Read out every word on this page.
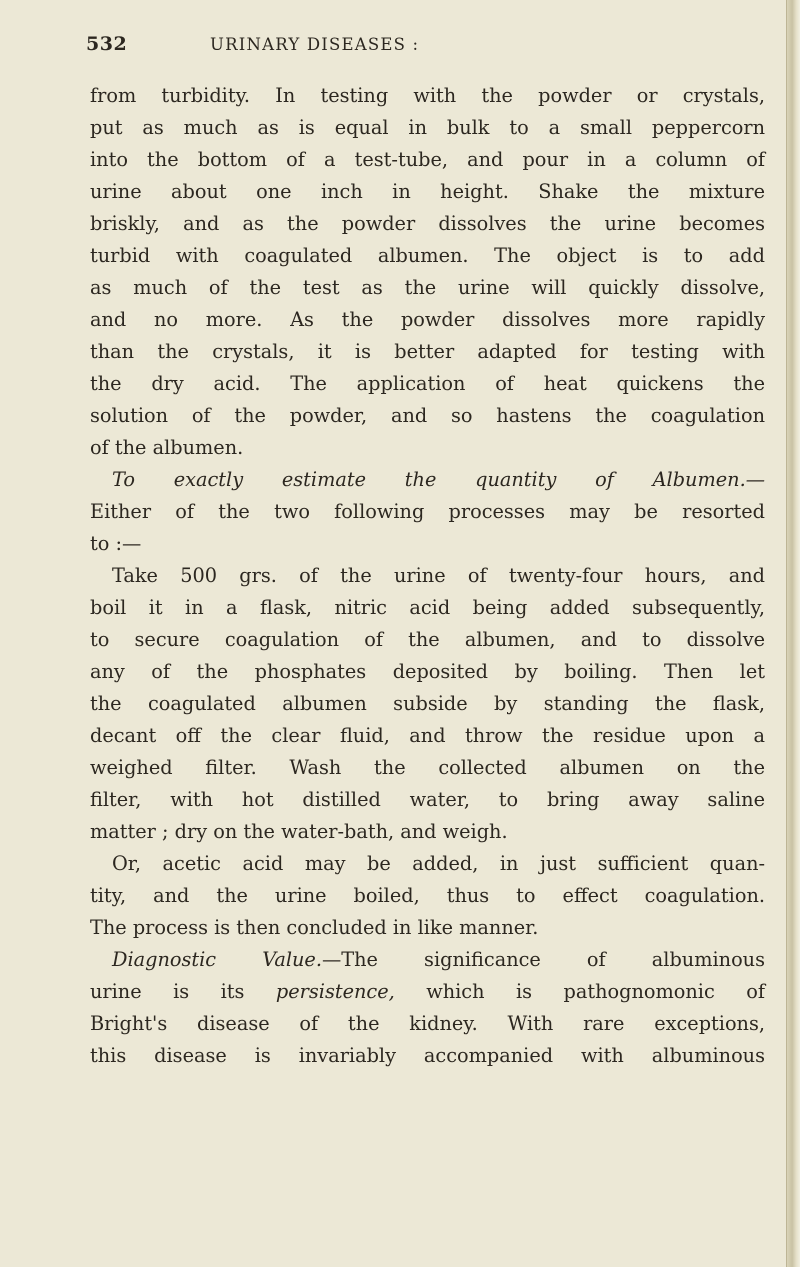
532	URINARY DISEASES :
from turbidity. In testing with the powder or crystals,
put as much as is equal in bulk to a small peppercorn
into the bottom of a test-tube, and pour in a column of
urine about one inch in height. Shake the mixture
briskly, and as the powder dissolves the urine becomes
turbid with coagulated albumen. The object is to add
as much of the test as the urine will quickly dissolve,
and no more. As the powder dissolves more rapidly
than the crystals, it is better adapted for testing with
the dry acid. The application of heat quickens the
solution of the powder, and so hastens the coagulation
of the albumen.
To exactly estimate the quantity of Albumen.—
Either of the two following processes may be resorted
to :—
Take 500 grs. of the urine of twenty-four hours, and
boil it in a flask, nitric acid being added subsequently,
to secure coagulation of the albumen, and to dissolve
any of the phosphates deposited by boiling. Then let
the coagulated albumen subside by standing the flask,
decant off the clear fluid, and throw the residue upon a
weighed filter. Wash the collected albumen on the
filter, with hot distilled water, to bring away saline
matter ; dry on the water-bath, and weigh.
Or, acetic acid may be added, in just sufficient quan-
tity, and the urine boiled, thus to effect coagulation.
The process is then concluded in like manner.
Diagnostic Value.—The significance of albuminous
urine is its persistence, which is pathognomonic of
Bright's disease of the kidney. With rare exceptions,
this disease is invariably accompanied with albuminous
